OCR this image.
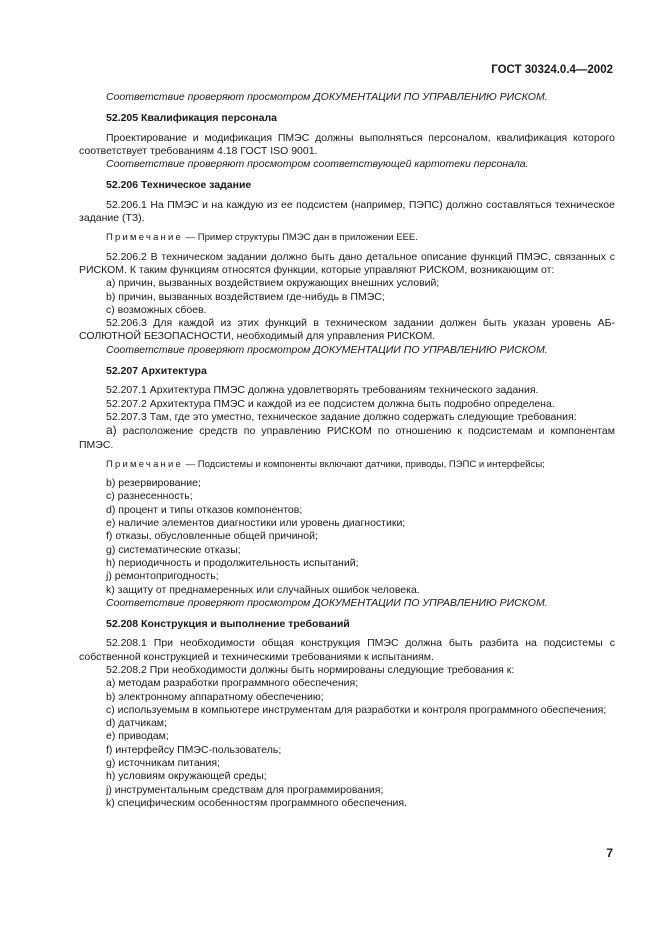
ГОСТ 30324.0.4—2002

Соответствие проверяют просмотром ДОКУМЕНТАЦИИ ПО УПРАВЛЕНИЮ РИСКОМ.

52.205 Квалификация персонала

Проектирование и модификация ПМЭС должны выполняться персоналом, квалификация которого соответствует требованиям 4.18 ГОСТ ISO 9001.

Соответствие проверяют просмотром соответствующей картотеки персонала.

52.206 Техническое задание

52.206.1 На ПМЭС и на каждую из ее подсистем (например, ПЭПС) должно составляться техническое задание (ТЗ).

Примечание — Пример структуры ПМЭС дан в приложении ЕЕЕ.

52.206.2 В техническом задании должно быть дано детальное описание функций ПМЭС, связанных с РИСКОМ. К таким функциям относятся функции, которые управляют РИСКОМ, возникающим от:

a) причин, вызванных воздействием окружающих внешних условий;

b) причин, вызванных воздействием где-нибудь в ПМЭС;

c) возможных сбоев.

52.206.3 Для каждой из этих функций в техническом задании должен быть указан уровень АБСОЛЮТНОЙ БЕЗОПАСНОСТИ, необходимый для управления РИСКОМ.

Соответствие проверяют просмотром ДОКУМЕНТАЦИИ ПО УПРАВЛЕНИЮ РИСКОМ.

52.207 Архитектура

52.207.1 Архитектура ПМЭС должна удовлетворять требованиям технического задания.

52.207.2 Архитектура ПМЭС и каждой из ее подсистем должна быть подробно определена.

52.207.3 Там, где это уместно, техническое задание должно содержать следующие требования:

a) расположение средств по управлению РИСКОМ по отношению к подсистемам и компонентам ПМЭС.

Примечание — Подсистемы и компоненты включают датчики, приводы, ПЭПС и интерфейсы;

b) резервирование;

c) разнесенность;

d) процент и типы отказов компонентов;

e) наличие элементов диагностики или уровень диагностики;

f) отказы, обусловленные общей причиной;

g) систематические отказы;

h) периодичность и продолжительность испытаний;

j) ремонтопригодность;

k) защиту от преднамеренных или случайных ошибок человека.

Соответствие проверяют просмотром ДОКУМЕНТАЦИИ ПО УПРАВЛЕНИЮ РИСКОМ.

52.208 Конструкция и выполнение требований

52.208.1 При необходимости общая конструкция ПМЭС должна быть разбита на подсистемы с собственной конструкцией и техническими требованиями к испытаниям.

52.208.2 При необходимости должны быть нормированы следующие требования к:

a) методам разработки программного обеспечения;

b) электронному аппаратному обеспечению;

c) используемым в компьютере инструментам для разработки и контроля программного обеспечения;

d) датчикам;

e) приводам;

f) интерфейсу ПМЭС-пользователь;

g) источникам питания;

h) условиям окружающей среды;

j) инструментальным средствам для программирования;

k) специфическим особенностям программного обеспечения.

7
